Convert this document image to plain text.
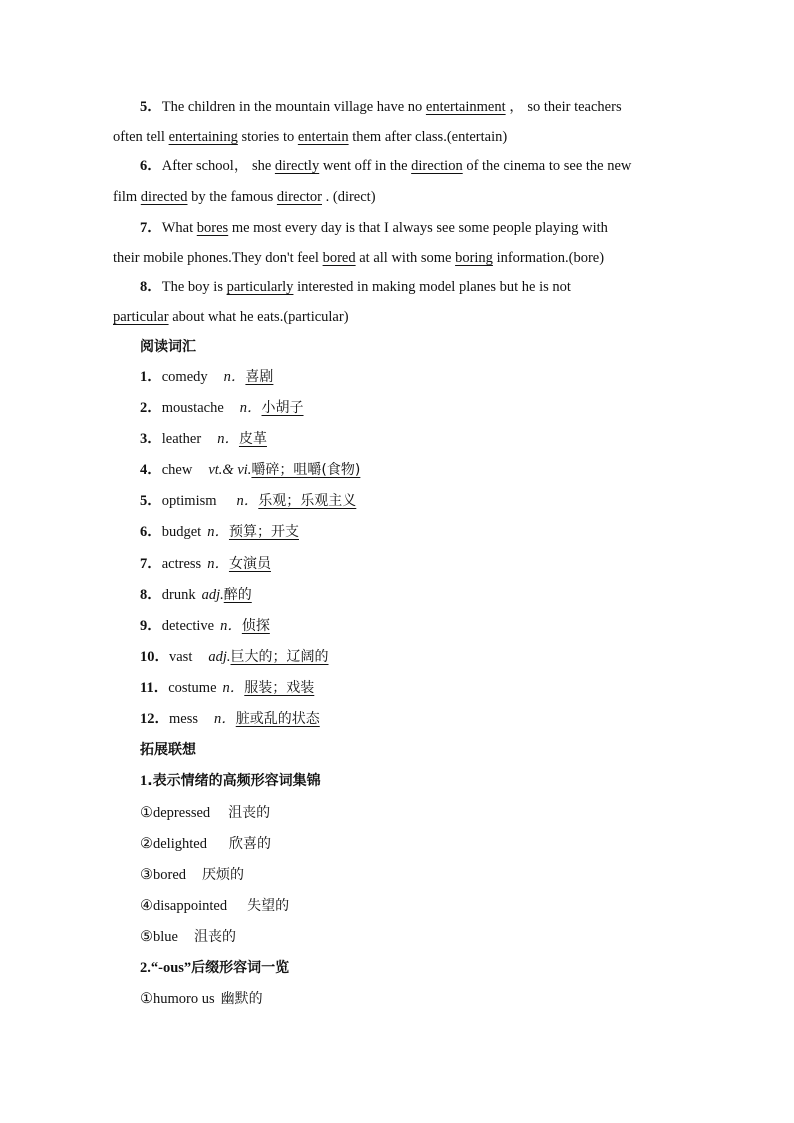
5．The children in the mountain village have no entertainment ， so their teachers
often tell entertaining stories to entertain them after class.(entertain)
6．After school， she directly went off in the direction of the cinema to see the new
film directed by the famous director . (direct)
7．What bores me most every day is that I always see some people playing with
their mobile phones.They don't feel bored at all with some boring information.(bore)
8．The boy is particularly interested in making model planes but he is not
particular about what he eats.(particular)
阅读词汇
1．comedy n．喜剧
2．moustache n．小胡子
3．leather n．皮革
4．chew vt.& vi.嚼碎；咀嚼(食物)
5．optimism n．乐观；乐观主义
6．budget n．预算；开支
7．actress n．女演员
8．drunk adj.醉的
9．detective n．侦探
10．vast adj.巨大的；辽阔的
11．costume n．服装；戏装
12．mess n．脏或乱的状态
拓展联想
1.表示情绪的高频形容词集锦
①depressed 沮丧的
②delighted 欣喜的
③bored 厌烦的
④disappointed 失望的
⑤blue 沮丧的
2.“-ous”后缀形容词一览
①humoro us 幽默的
